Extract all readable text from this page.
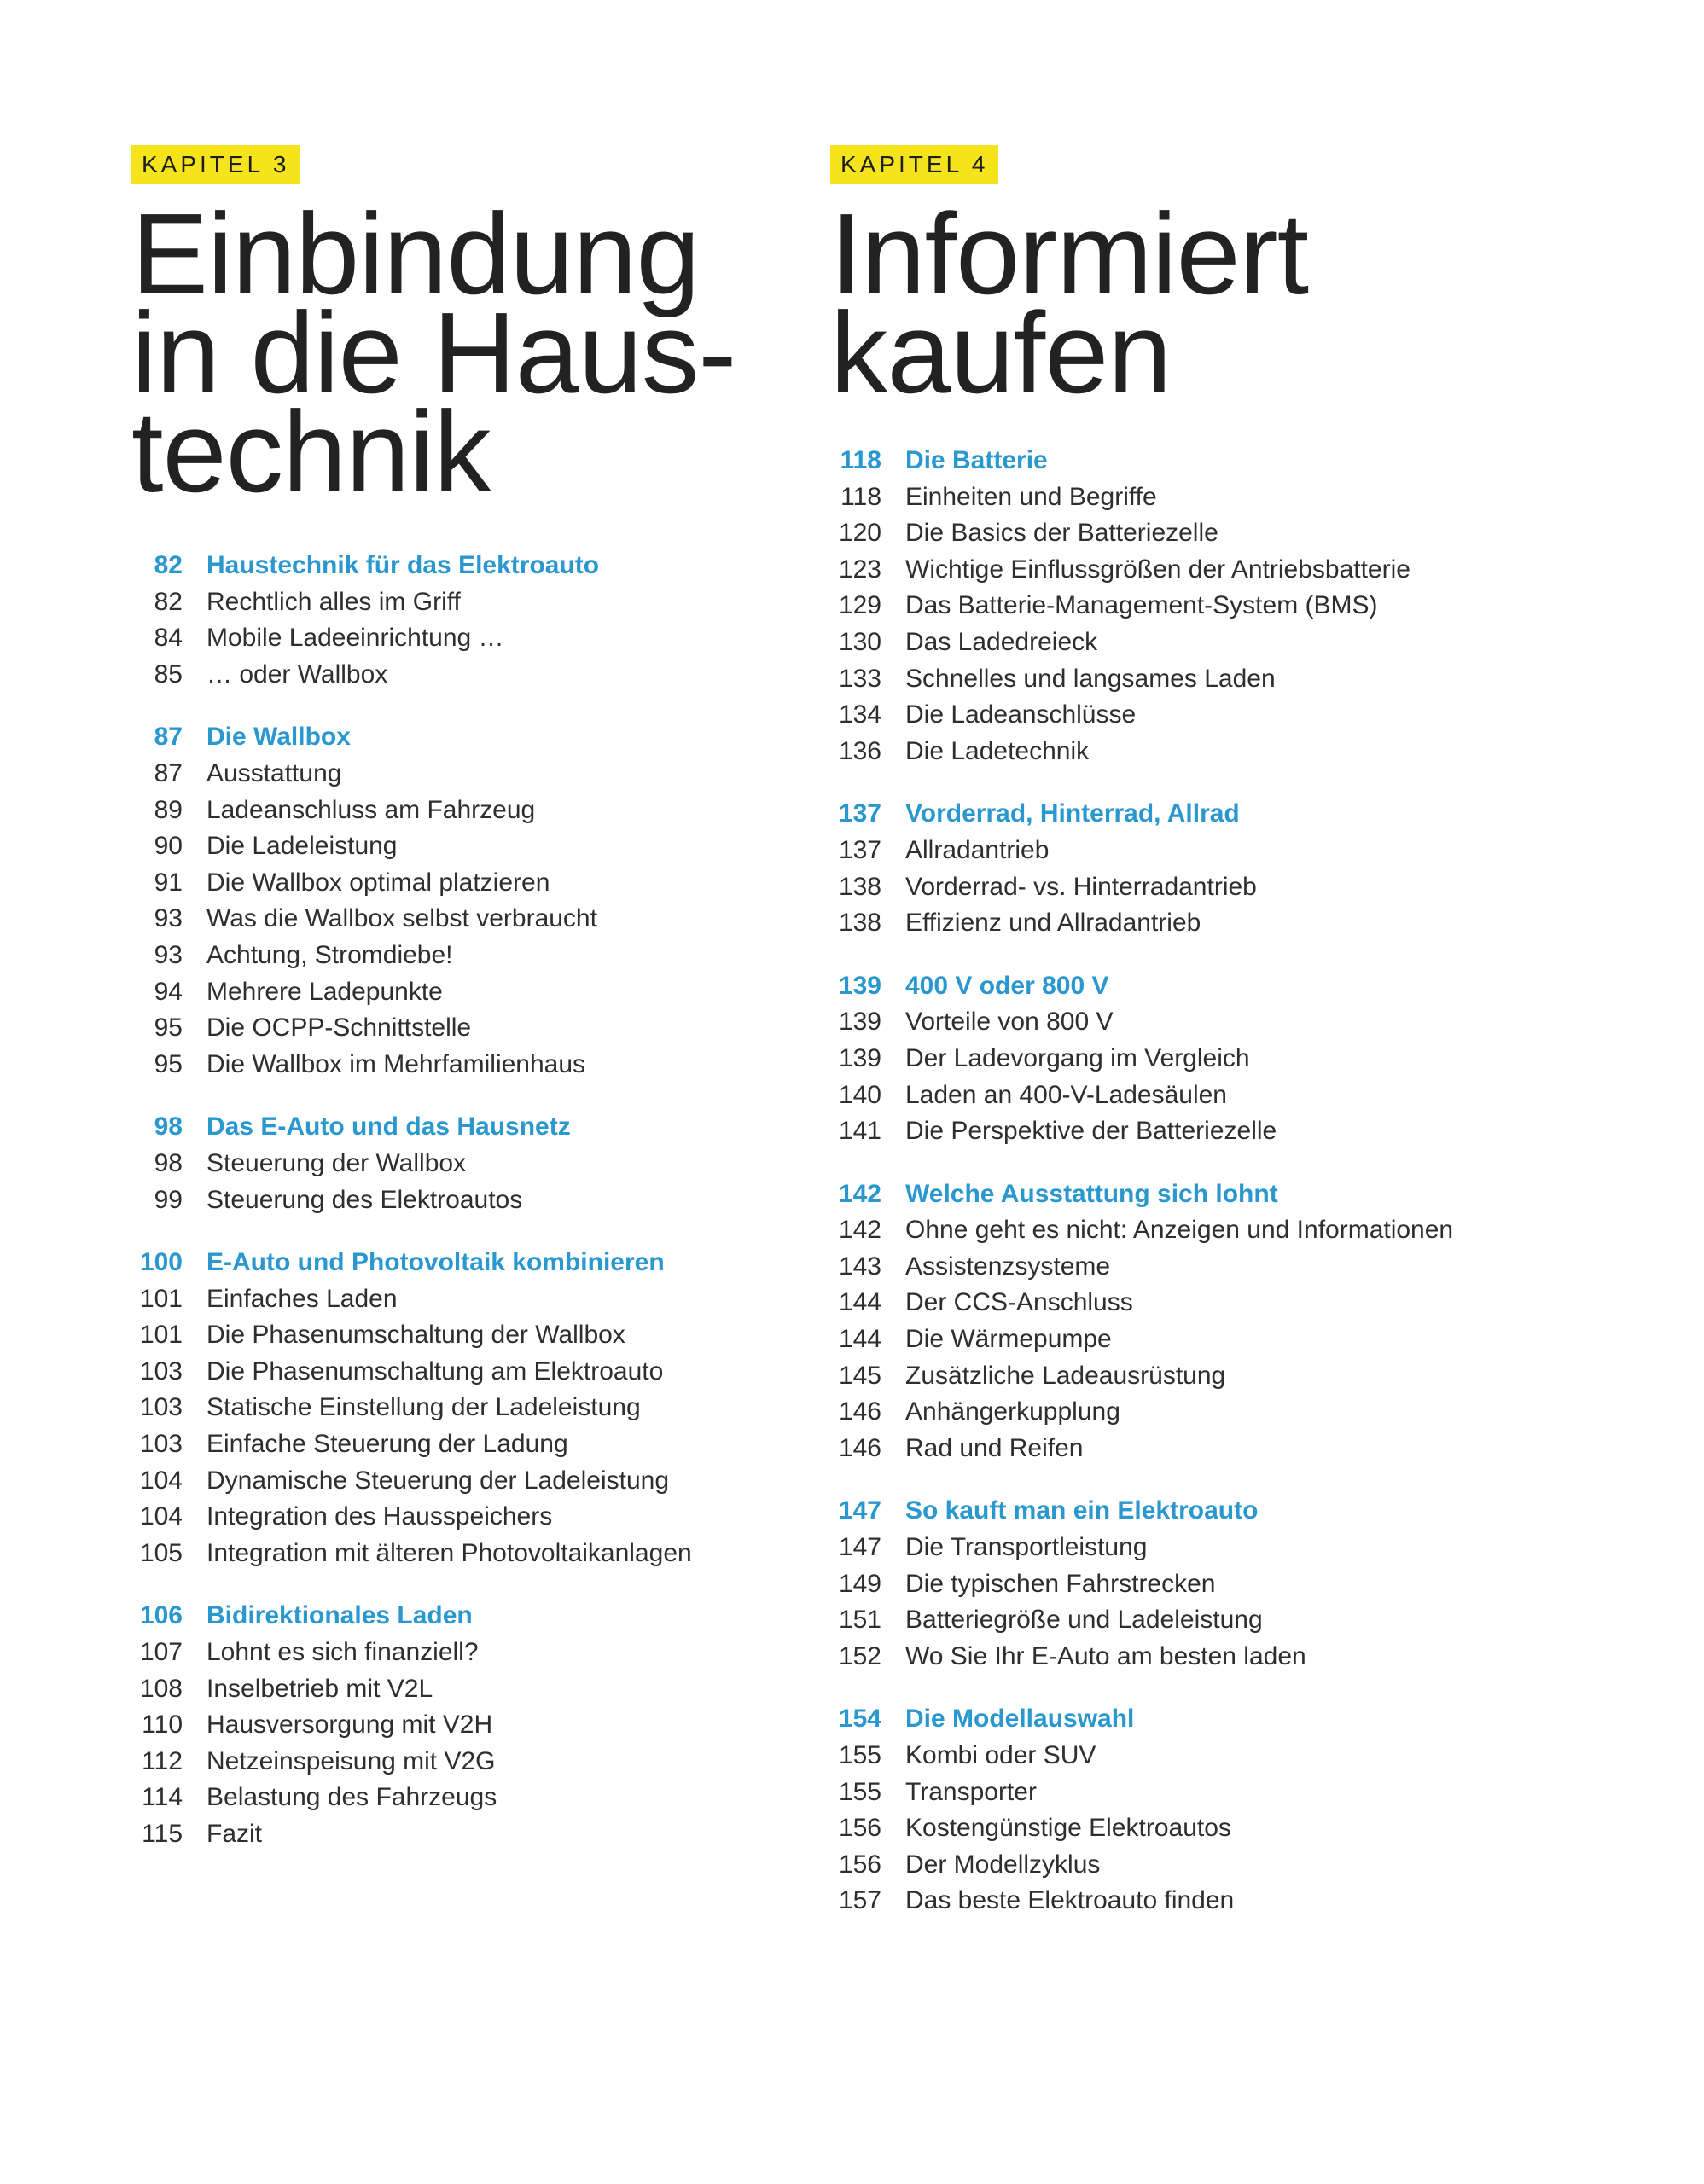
KAPITEL 3
Einbindung
in die Haus-
technik
82 Haustechnik für das Elektroauto
82 Rechtlich alles im Griff
84 Mobile Ladeeinrichtung …
85 … oder Wallbox
87 Die Wallbox
87 Ausstattung
89 Ladeanschluss am Fahrzeug
90 Die Ladeleistung
91 Die Wallbox optimal platzieren
93 Was die Wallbox selbst verbraucht
93 Achtung, Stromdiebe!
94 Mehrere Ladepunkte
95 Die OCPP-Schnittstelle
95 Die Wallbox im Mehrfamilienhaus
98 Das E-Auto und das Hausnetz
98 Steuerung der Wallbox
99 Steuerung des Elektroautos
100 E-Auto und Photovoltaik kombinieren
101 Einfaches Laden
101 Die Phasenumschaltung der Wallbox
103 Die Phasenumschaltung am Elektroauto
103 Statische Einstellung der Ladeleistung
103 Einfache Steuerung der Ladung
104 Dynamische Steuerung der Ladeleistung
104 Integration des Hausspeichers
105 Integration mit älteren Photovoltaikanlagen
106 Bidirektionales Laden
107 Lohnt es sich finanziell?
108 Inselbetrieb mit V2L
110 Hausversorgung mit V2H
112 Netzeinspeisung mit V2G
114 Belastung des Fahrzeugs
115 Fazit
KAPITEL 4
Informiert
kaufen
118 Die Batterie
118 Einheiten und Begriffe
120 Die Basics der Batteriezelle
123 Wichtige Einflussgrößen der Antriebsbatterie
129 Das Batterie-Management-System (BMS)
130 Das Ladedreieck
133 Schnelles und langsames Laden
134 Die Ladeanschlüsse
136 Die Ladetechnik
137 Vorderrad, Hinterrad, Allrad
137 Allradantrieb
138 Vorderrad- vs. Hinterradantrieb
138 Effizienz und Allradantrieb
139 400 V oder 800 V
139 Vorteile von 800 V
139 Der Ladevorgang im Vergleich
140 Laden an 400-V-Ladesäulen
141 Die Perspektive der Batteriezelle
142 Welche Ausstattung sich lohnt
142 Ohne geht es nicht: Anzeigen und Informationen
143 Assistenzsysteme
144 Der CCS-Anschluss
144 Die Wärmepumpe
145 Zusätzliche Ladeausrüstung
146 Anhängerkupplung
146 Rad und Reifen
147 So kauft man ein Elektroauto
147 Die Transportleistung
149 Die typischen Fahrstrecken
151 Batteriegröße und Ladeleistung
152 Wo Sie Ihr E-Auto am besten laden
154 Die Modellauswahl
155 Kombi oder SUV
155 Transporter
156 Kostengünstige Elektroautos
156 Der Modellzyklus
157 Das beste Elektroauto finden
